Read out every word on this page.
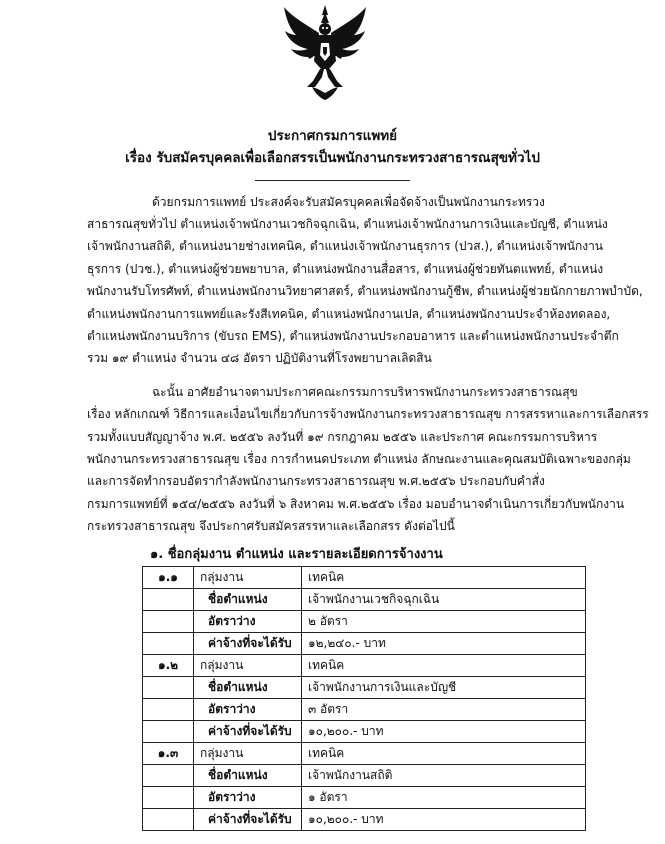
ประกาศกรมการแพทย์
เรื่อง รับสมัครบุคคลเพื่อเลือกสรรเป็นพนักงานกระทรวงสาธารณสุขทั่วไป
ด้วยกรมการแพทย์ ประสงค์จะรับสมัครบุคคลเพื่อจัดจ้างเป็นพนักงานกระทรวง
สาธารณสุขทั่วไป ตำแหน่งเจ้าพนักงานเวชกิจฉุกเฉิน, ตำแหน่งเจ้าพนักงานการเงินและบัญชี, ตำแหน่ง
เจ้าพนักงานสถิติ, ตำแหน่งนายช่างเทคนิค, ตำแหน่งเจ้าพนักงานธุรการ (ปวส.), ตำแหน่งเจ้าพนักงาน
ธุรการ (ปวช.), ตำแหน่งผู้ช่วยพยาบาล, ตำแหน่งพนักงานสื่อสาร, ตำแหน่งผู้ช่วยทันตแพทย์, ตำแหน่ง
พนักงานรับโทรศัพท์, ตำแหน่งพนักงานวิทยาศาสตร์, ตำแหน่งพนักงานกู้ชีพ, ตำแหน่งผู้ช่วยนักกายภาพบำบัด,
ตำแหน่งพนักงานการแพทย์และรังสีเทคนิค, ตำแหน่งพนักงานเปล, ตำแหน่งพนักงานประจำห้องทดลอง,
ตำแหน่งพนักงานบริการ (ขับรถ EMS), ตำแหน่งพนักงานประกอบอาหาร และตำแหน่งพนักงานประจำตึก
รวม ๑๙ ตำแหน่ง จำนวน ๔๘ อัตรา ปฏิบัติงานที่โรงพยาบาลเลิดสิน
ฉะนั้น อาศัยอำนาจตามประกาศคณะกรรมการบริหารพนักงานกระทรวงสาธารณสุข
เรื่อง หลักเกณฑ์ วิธีการและเงื่อนไขเกี่ยวกับการจ้างพนักงานกระทรวงสาธารณสุข การสรรหาและการเลือกสรร
รวมทั้งแบบสัญญาจ้าง พ.ศ. ๒๕๕๖ ลงวันที่ ๑๙ กรกฎาคม ๒๕๕๖ และประกาศ คณะกรรมการบริหาร
พนักงานกระทรวงสาธารณสุข เรื่อง การกำหนดประเภท ตำแหน่ง ลักษณะงานและคุณสมบัติเฉพาะของกลุ่ม
และการจัดทำกรอบอัตรากำลังพนักงานกระทรวงสาธารณสุข พ.ศ.๒๕๕๖ ประกอบกับคำสั่ง
กรมการแพทย์ที่ ๑๕๔/๒๕๕๖ ลงวันที่ ๖ สิงหาคม พ.ศ.๒๕๕๖ เรื่อง มอบอำนาจดำเนินการเกี่ยวกับพนักงาน
กระทรวงสาธารณสุข จึงประกาศรับสมัครสรรหาและเลือกสรร ดังต่อไปนี้
๑. ชื่อกลุ่มงาน ตำแหน่ง และรายละเอียดการจ้างงาน
๑.๑	กลุ่มงาน	เทคนิค
	ชื่อตำแหน่ง	เจ้าพนักงานเวชกิจฉุกเฉิน
	อัตราว่าง	๒ อัตรา
	ค่าจ้างที่จะได้รับ	๑๒,๒๔๐.- บาท
๑.๒	กลุ่มงาน	เทคนิค
	ชื่อตำแหน่ง	เจ้าพนักงานการเงินและบัญชี
	อัตราว่าง	๓ อัตรา
	ค่าจ้างที่จะได้รับ	๑๐,๒๐๐.- บาท
๑.๓	กลุ่มงาน	เทคนิค
	ชื่อตำแหน่ง	เจ้าพนักงานสถิติ
	อัตราว่าง	๑ อัตรา
	ค่าจ้างที่จะได้รับ	๑๐,๒๐๐.- บาท
